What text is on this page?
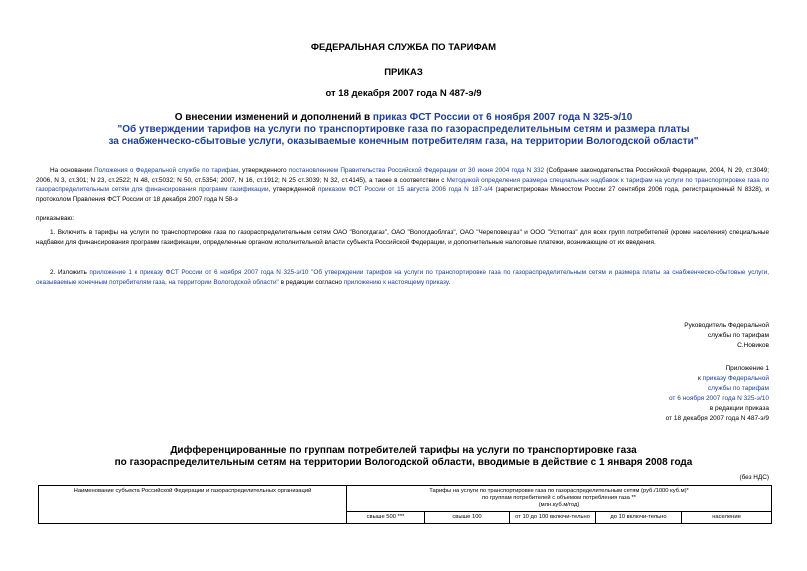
ФЕДЕРАЛЬНАЯ СЛУЖБА ПО ТАРИФАМ
ПРИКАЗ
от 18 декабря 2007 года N 487-э/9
О внесении изменений и дополнений в приказ ФСТ России от 6 ноября 2007 года N 325-э/10
"Об утверждении тарифов на услуги по транспортировке газа по газораспределительным сетям и размера платы
за снабженческо-сбытовые услуги, оказываемые конечным потребителям газа, на территории Вологодской области"
На основании Положения о Федеральной службе по тарифам, утвержденного постановлением Правительства Российской Федерации от 30 июня 2004 года N 332 (Собрание законодательства Российской Федерации, 2004, N 29, ст.3049; 2006, N 3, ст.301; N 23, ст.2522; N 48, ст.5032; N 50, ст.5354; 2007, N 16, ст.1912; N 25 ст.3039; N 32, ст.4145), а также в соответствии с Методикой определения размера специальных надбавок к тарифам на услуги по транспортировке газа по газораспределительным сетям для финансирования программ газификации, утвержденной приказом ФСТ России от 15 августа 2006 года N 187-э/4 (зарегистрирован Минюстом России 27 сентября 2006 года, регистрационный N 8328), и протоколом Правления ФСТ России от 18 декабря 2007 года N 58-э
приказываю:
1. Включить в тарифы на услуги по транспортировке газа по газораспределительным сетям ОАО "Вологдагаз", ОАО "Вологдаоблгаз", ОАО "Череповецгаз" и ООО "Устюггаз" для всех групп потребителей (кроме населения) специальные надбавки для финансирования программ газификации, определенные органом исполнительной власти субъекта Российской Федерации, и дополнительные налоговые платежи, возникающие от их введения.
2. Изложить приложение 1 к приказу ФСТ России от 6 ноября 2007 года N 325-э/10 "Об утверждении тарифов на услуги по транспортировке газа по газораспределительным сетям и размера платы за снабженческо-сбытовые услуги, оказываемые конечным потребителям газа, на территории Вологодской области" в редакции согласно приложению к настоящему приказу.
Руководитель Федеральной
службы по тарифам
С.Новиков
Приложение 1
к приказу Федеральной
службы по тарифам
от 6 ноября 2007 года N 325-э/10
в редакции приказа
от 18 декабря 2007 года N 487-э/9
Дифференцированные по группам потребителей тарифы на услуги по транспортировке газа
по газораспределительным сетям на территории Вологодской области, вводимые в действие с 1 января 2008 года
(без НДС)
Наименование субъекта Российской Федерации и газораспределительных организаций	Тарифы на услуги по транспортировке газа по газораспределительным сетям (руб./1000 куб.м)*
по группам потребителей с объемом потребления газа **
(млн.куб.м/год)				

	свыше 500 ***	свыше 100	от 10 до 100 включи-тельно	до 10 включи-тельно	население
